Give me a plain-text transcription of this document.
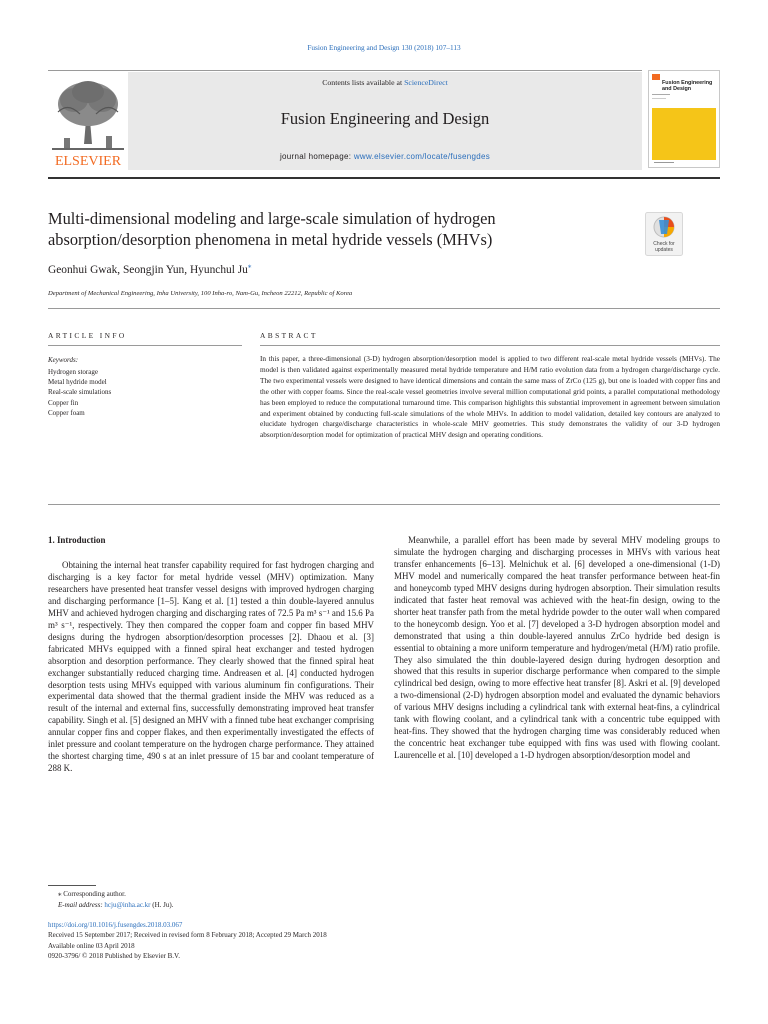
Fusion Engineering and Design 130 (2018) 107–113
ELSEVIER
Contents lists available at ScienceDirect
Fusion Engineering and Design
journal homepage: www.elsevier.com/locate/fusengdes
Fusion Engineering
and Design
Multi-dimensional modeling and large-scale simulation of hydrogen absorption/desorption phenomena in metal hydride vessels (MHVs)	Check for
updates
Geonhui Gwak, Seongjin Yun, Hyunchul Ju⁎
Department of Mechanical Engineering, Inha University, 100 Inha-ro, Nam-Gu, Incheon 22212, Republic of Korea
ARTICLE INFO	ABSTRACT
Keywords:
Hydrogen storage
Metal hydride model
Real-scale simulations
Copper fin
Copper foam
In this paper, a three-dimensional (3-D) hydrogen absorption/desorption model is applied to two different real-scale metal hydride vessels (MHVs). The model is then validated against experimentally measured metal hydride temperature and H/M ratio evolution data from a hydrogen charge/discharge cycle. The two experimental vessels were designed to have identical dimensions and contain the same mass of ZrCo (125 g), but one is loaded with copper fins and the other with copper foams. Since the real-scale vessel geometries involve several million computational grid points, a parallel computational methodology has been employed to reduce the computational turnaround time. This comparison highlights this substantial improvement in agreement between simulation and experiment obtained by conducting full-scale simulations of the whole MHVs. In addition to model validation, detailed key contours are analyzed to elucidate hydrogen charge/discharge characteristics in whole-scale MHV geometries. This study demonstrates the validity of our 3-D hydrogen absorption/desorption model for optimization of practical MHV design and operating conditions.
1. Introduction
Obtaining the internal heat transfer capability required for fast hydrogen charging and discharging is a key factor for metal hydride vessel (MHV) optimization. Many researchers have presented heat transfer vessel designs with improved hydrogen charging and discharging performance [1–5]. Kang et al. [1] tested a thin double-layered annulus MHV and achieved hydrogen charging and discharging rates of 72.5 Pa m³ s⁻¹ and 15.6 Pa m³ s⁻¹, respectively. They then compared the copper foam and copper fin based MHV designs during the hydrogen absorption/desorption processes [2]. Dhaou et al. [3] fabricated MHVs equipped with a finned spiral heat exchanger and tested hydrogen absorption and desorption performance. They clearly showed that the finned spiral heat exchanger substantially reduced charging time. Andreasen et al. [4] conducted hydrogen desorption tests using MHVs equipped with various aluminum fin configurations. Their experimental data showed that the thermal gradient inside the MHV was reduced as a result of the internal and external fins, successfully demonstrating improved heat transfer capability. Singh et al. [5] designed an MHV with a finned tube heat exchanger comprising annular copper fins and copper flakes, and then experimentally investigated the effects of inlet pressure and coolant temperature on the hydrogen charge performance. They attained the shortest charging time, 490 s at an inlet pressure of 15 bar and coolant temperature of 288 K.
Meanwhile, a parallel effort has been made by several MHV modeling groups to simulate the hydrogen charging and discharging processes in MHVs with various heat transfer enhancements [6–13]. Melnichuk et al. [6] developed a one-dimensional (1-D) MHV model and numerically compared the heat transfer performance between heat-fin and honeycomb typed MHV designs during hydrogen absorption. Their simulation results indicated that faster heat removal was achieved with the heat-fin design, owing to the shorter heat transfer path from the metal hydride powder to the outer wall when compared to the honeycomb design. Yoo et al. [7] developed a 3-D hydrogen absorption model and demonstrated that using a thin double-layered annulus ZrCo hydride bed design is essential to obtaining a more uniform temperature and hydrogen/metal (H/M) ratio profile. They also simulated the thin double-layered design during hydrogen desorption and showed that this results in superior discharge performance when compared to the simple cylindrical bed design, owing to more effective heat transfer [8]. Askri et al. [9] developed a two-dimensional (2-D) hydrogen absorption model and evaluated the dynamic behaviors of various MHV designs including a cylindrical tank with external heat-fins, a cylindrical tank with flowing coolant, and a cylindrical tank with a concentric tube equipped with heat-fins. They showed that the hydrogen charging time was considerably reduced when the concentric heat exchanger tube equipped with fins was used with flowing coolant. Laurencelle et al. [10] developed a 1-D hydrogen absorption/desorption model and
⁎ Corresponding author.
E-mail address: hcju@inha.ac.kr (H. Ju).
https://doi.org/10.1016/j.fusengdes.2018.03.067
Received 15 September 2017; Received in revised form 8 February 2018; Accepted 29 March 2018
Available online 03 April 2018
0920-3796/ © 2018 Published by Elsevier B.V.
